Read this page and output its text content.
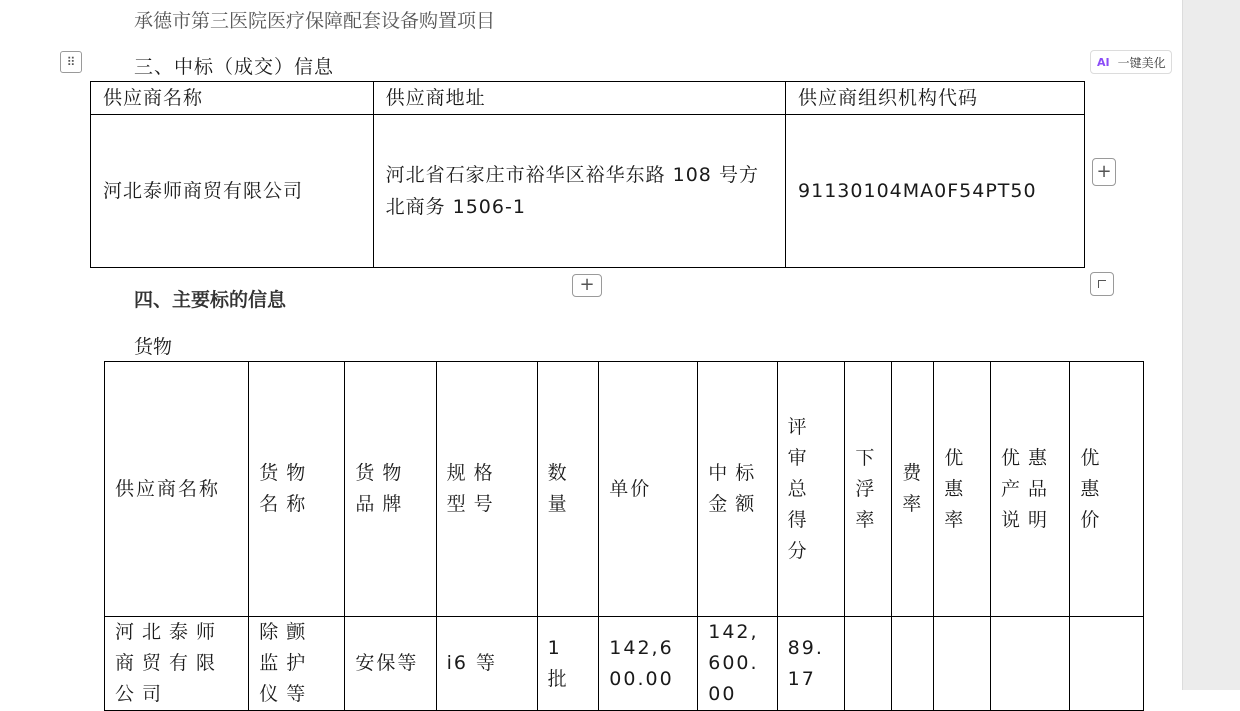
承德市第三医院医疗保障配套设备购置项目
⠿	三、中标（成交）信息	AI 一键美化
供应商名称	供应商地址	供应商组织机构代码
河北泰师商贸有限公司	河北省石家庄市裕华区裕华东路 108 号方北商务 1506-1	91130104MA0F54PT50
+
+
四、主要标的信息
货物
供应商名称	货物名称	货物品牌	规格型号	数量	单价	中标金额	评审总得分	下浮率	费率	优惠率	优惠产品说明	优惠价
河北泰师商贸有限公司	除颤监护仪等	安保等	i6 等	1 批	142,600.00	142,600.00	89.17					
